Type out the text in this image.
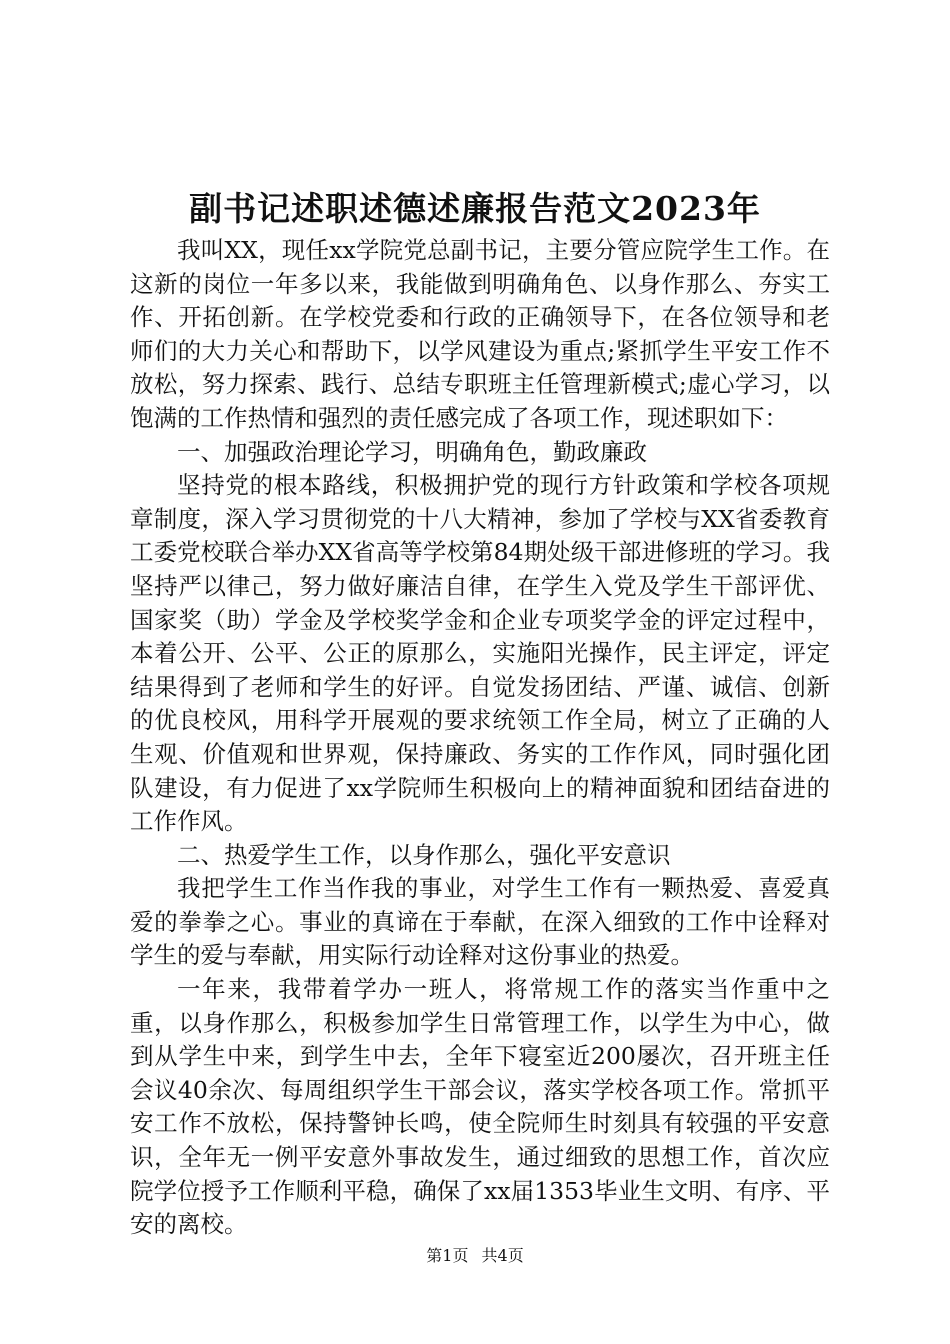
副书记述职述德述廉报告范文2023年

我叫XX，现任xx学院党总副书记，主要分管应院学生工作。在这新的岗位一年多以来，我能做到明确角色、以身作那么、夯实工作、开拓创新。在学校党委和行政的正确领导下，在各位领导和老师们的大力关心和帮助下，以学风建设为重点;紧抓学生平安工作不放松，努力探索、践行、总结专职班主任管理新模式;虚心学习，以饱满的工作热情和强烈的责任感完成了各项工作，现述职如下：

一、加强政治理论学习，明确角色，勤政廉政

坚持党的根本路线，积极拥护党的现行方针政策和学校各项规章制度，深入学习贯彻党的十八大精神，参加了学校与XX省委教育工委党校联合举办XX省高等学校第84期处级干部进修班的学习。我坚持严以律己，努力做好廉洁自律，在学生入党及学生干部评优、国家奖（助）学金及学校奖学金和企业专项奖学金的评定过程中，本着公开、公平、公正的原那么，实施阳光操作，民主评定，评定结果得到了老师和学生的好评。自觉发扬团结、严谨、诚信、创新的优良校风，用科学开展观的要求统领工作全局，树立了正确的人生观、价值观和世界观，保持廉政、务实的工作作风，同时强化团队建设，有力促进了xx学院师生积极向上的精神面貌和团结奋进的工作作风。

二、热爱学生工作，以身作那么，强化平安意识

我把学生工作当作我的事业，对学生工作有一颗热爱、喜爱真爱的拳拳之心。事业的真谛在于奉献，在深入细致的工作中诠释对学生的爱与奉献，用实际行动诠释对这份事业的热爱。

一年来，我带着学办一班人，将常规工作的落实当作重中之重，以身作那么，积极参加学生日常管理工作，以学生为中心，做到从学生中来，到学生中去，全年下寝室近200屡次，召开班主任会议40余次、每周组织学生干部会议，落实学校各项工作。常抓平安工作不放松，保持警钟长鸣，使全院师生时刻具有较强的平安意识，全年无一例平安意外事故发生，通过细致的思想工作，首次应院学位授予工作顺利平稳，确保了xx届1353毕业生文明、有序、平安的离校。

第1页 共4页
